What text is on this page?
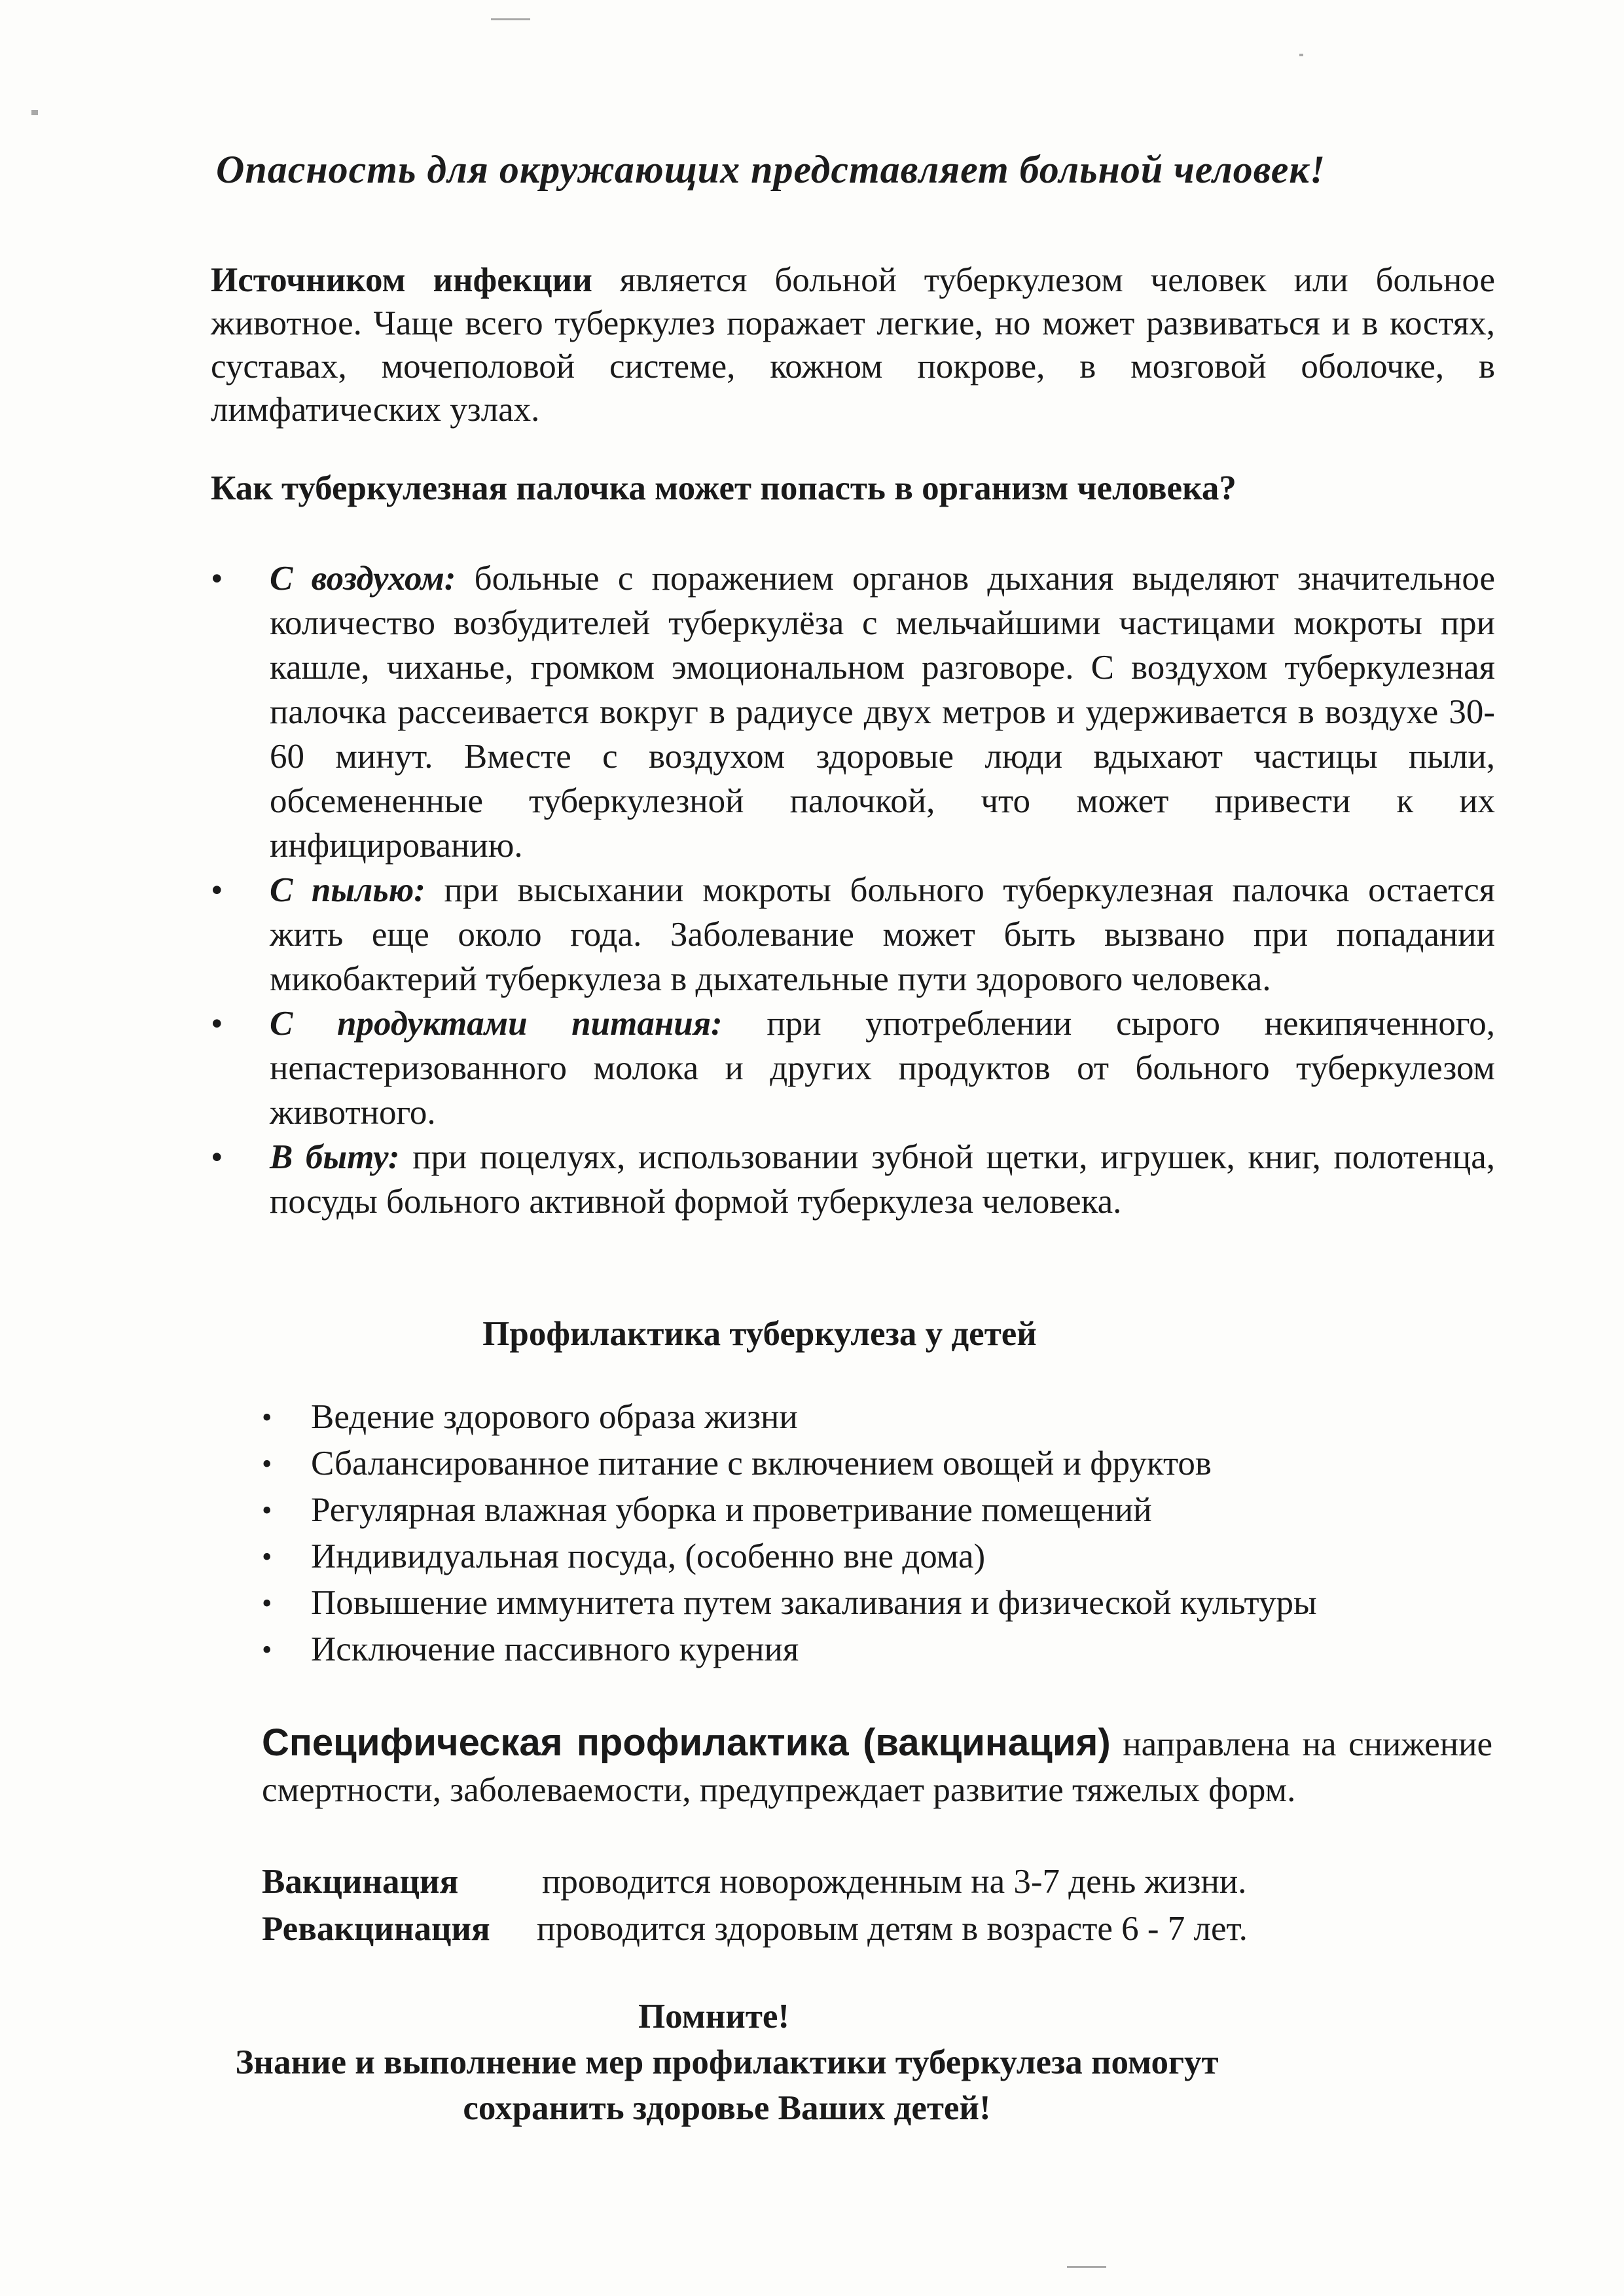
Опасность для окружающих представляет больной человек!
Источником инфекции является больной туберкулезом человек или больное животное. Чаще всего туберкулез поражает легкие, но может развиваться и в костях, суставах, мочеполовой системе, кожном покрове, в мозговой оболочке, в лимфатических узлах.
Как туберкулезная палочка может попасть в организм человека?
• С воздухом: больные с поражением органов дыхания выделяют значительное количество возбудителей туберкулёза с мельчайшими частицами мокроты при кашле, чиханье, громком эмоциональном разговоре. С воздухом туберкулезная палочка рассеивается вокруг в радиусе двух метров и удерживается в воздухе 30-60 минут. Вместе с воздухом здоровые люди вдыхают частицы пыли, обсемененные туберкулезной палочкой, что может привести к их инфицированию.
• С пылью: при высыхании мокроты больного туберкулезная палочка остается жить еще около года. Заболевание может быть вызвано при попадании микобактерий туберкулеза в дыхательные пути здорового человека.
• С продуктами питания: при употреблении сырого некипяченного, непастеризованного молока и других продуктов от больного туберкулезом животного.
• В быту: при поцелуях, использовании зубной щетки, игрушек, книг, полотенца, посуды больного активной формой туберкулеза человека.
Профилактика туберкулеза у детей
• Ведение здорового образа жизни
• Сбалансированное питание с включением овощей и фруктов
• Регулярная влажная уборка и проветривание помещений
• Индивидуальная посуда, (особенно вне дома)
• Повышение иммунитета путем закаливания и физической культуры
• Исключение пассивного курения
Специфическая профилактика (вакцинация) направлена на снижение смертности, заболеваемости, предупреждает развитие тяжелых форм.
Вакцинация	проводится новорожденным на 3-7 день жизни.
Ревакцинация	проводится здоровым детям в возрасте 6 - 7 лет.
Помните!
Знание и выполнение мер профилактики туберкулеза помогут
сохранить здоровье Ваших детей!
